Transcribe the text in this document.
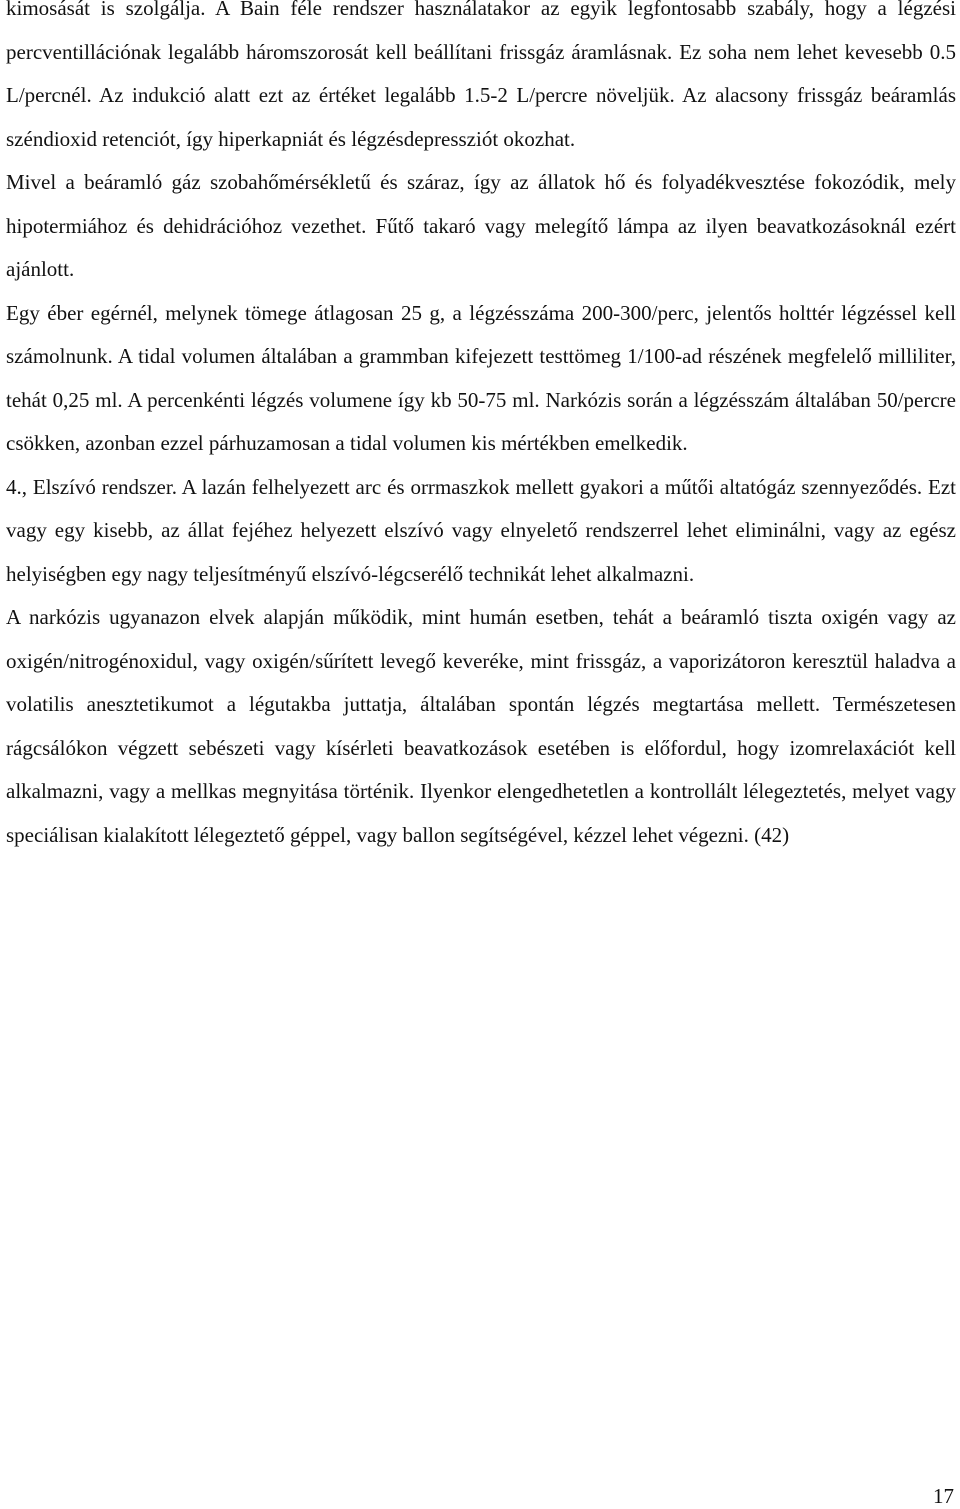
kimosását is szolgálja. A Bain féle rendszer használatakor az egyik legfontosabb szabály, hogy a légzési percventillációnak legalább háromszorosát kell beállítani frissgáz áramlásnak. Ez soha nem lehet kevesebb 0.5 L/percnél. Az indukció alatt ezt az értéket legalább 1.5-2 L/percre növeljük. Az alacsony frissgáz beáramlás széndioxid retenciót, így hiperkapniát és légzésdepressziót okozhat.

Mivel a beáramló gáz szobahőmérsékletű és száraz, így az állatok hő és folyadékvesztése fokozódik, mely hipotermiához és dehidrációhoz vezethet. Fűtő takaró vagy melegítő lámpa az ilyen beavatkozásoknál ezért ajánlott.

Egy éber egérnél, melynek tömege átlagosan 25 g, a légzésszáma 200-300/perc, jelentős holttér légzéssel kell számolnunk. A tidal volumen általában a grammban kifejezett testtömeg 1/100-ad részének megfelelő milliliter, tehát 0,25 ml. A percenkénti légzés volumene így kb 50-75 ml. Narkózis során a légzésszám általában 50/percre csökken, azonban ezzel párhuzamosan a tidal volumen kis mértékben emelkedik.

4., Elszívó rendszer. A lazán felhelyezett arc és orrmaszkok mellett gyakori a műtői altatógáz szennyeződés. Ezt vagy egy kisebb, az állat fejéhez helyezett elszívó vagy elnyelető rendszerrel lehet eliminálni, vagy az egész helyiségben egy nagy teljesítményű elszívó-légcserélő technikát lehet alkalmazni.

A narkózis ugyanazon elvek alapján működik, mint humán esetben, tehát a beáramló tiszta oxigén vagy az oxigén/nitrogénoxidul, vagy oxigén/sűrített levegő keveréke, mint frissgáz, a vaporizátoron keresztül haladva a volatilis anesztetikumot a légutakba juttatja, általában spontán légzés megtartása mellett. Természetesen rágcsálókon végzett sebészeti vagy kísérleti beavatkozások esetében is előfordul, hogy izomrelaxációt kell alkalmazni, vagy a mellkas megnyitása történik. Ilyenkor elengedhetetlen a kontrollált lélegeztetés, melyet vagy speciálisan kialakított lélegeztető géppel, vagy ballon segítségével, kézzel lehet végezni. (42)

17
